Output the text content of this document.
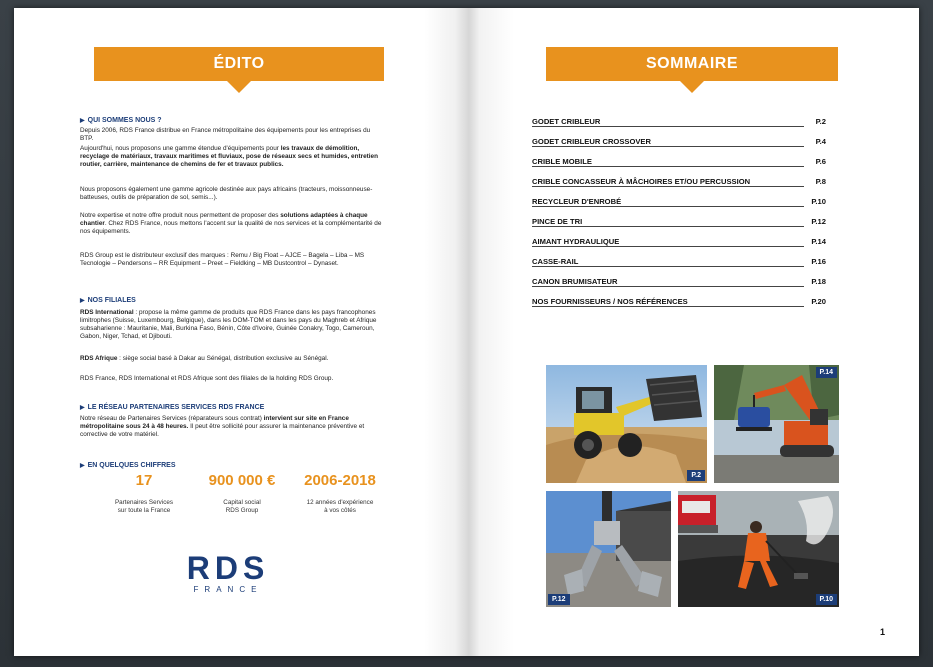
ÉDITO
▶ QUI SOMMES NOUS ?

Depuis 2006, RDS France distribue en France métropolitaine des équipements pour les entreprises du BTP.

Aujourd'hui, nous proposons une gamme étendue d'équipements pour les travaux de démolition, recyclage de matériaux, travaux maritimes et fluviaux, pose de réseaux secs et humides, entretien routier, carrière, maintenance de chemins de fer et travaux publics.

Nous proposons également une gamme agricole destinée aux pays africains (tracteurs, moissonneuse-batteuses, outils de préparation de sol, semis...).

Notre expertise et notre offre produit nous permettent de proposer des solutions adaptées à chaque chantier. Chez RDS France, nous mettons l'accent sur la qualité de nos services et la complémentarité de nos équipements.

RDS Group est le distributeur exclusif des marques : Remu / Big Float – AJCE – Bagela – Liba – MS Tecnologie – Pendersons – RR Equipment – Preet – Fieldking – MB Dustcontrol – Dynaset.

▶ NOS FILIALES

RDS International : propose la même gamme de produits que RDS France dans les pays francophones limitrophes (Suisse, Luxembourg, Belgique), dans les DOM-TOM et dans les pays du Maghreb et Afrique subsaharienne : Mauritanie, Mali, Burkina Faso, Bénin, Côte d'Ivoire, Guinée Conakry, Togo, Cameroun, Gabon, Niger, Tchad, et Djibouti.

RDS Afrique : siège social basé à Dakar au Sénégal, distribution exclusive au Sénégal.

RDS France, RDS International et RDS Afrique sont des filiales de la holding RDS Group.

▶ LE RÉSEAU PARTENAIRES SERVICES RDS FRANCE

Notre réseau de Partenaires Services (réparateurs sous contrat) intervient sur site en France métropolitaine sous 24 à 48 heures. Il peut être sollicité pour assurer la maintenance préventive et corrective de votre matériel.

▶ EN QUELQUES CHIFFRES
17
Partenaires Services
sur toute la France
900 000 €
Capital social
RDS Group
2006-2018
12 années d'expérience
à vos côtés
RDS
FRANCE
SOMMAIRE
GODET CRIBLEUR	P.2
GODET CRIBLEUR CROSSOVER	P.4
CRIBLE MOBILE	P.6
CRIBLE CONCASSEUR À MÂCHOIRES ET/OU PERCUSSION	P.8
RECYCLEUR D'ENROBÉ	P.10
PINCE DE TRI	P.12
AIMANT HYDRAULIQUE	P.14
CASSE-RAIL	P.16
CANON BRUMISATEUR	P.18
NOS FOURNISSEURS / NOS RÉFÉRENCES	P.20
P.2
P.14
P.12	P.10
1
